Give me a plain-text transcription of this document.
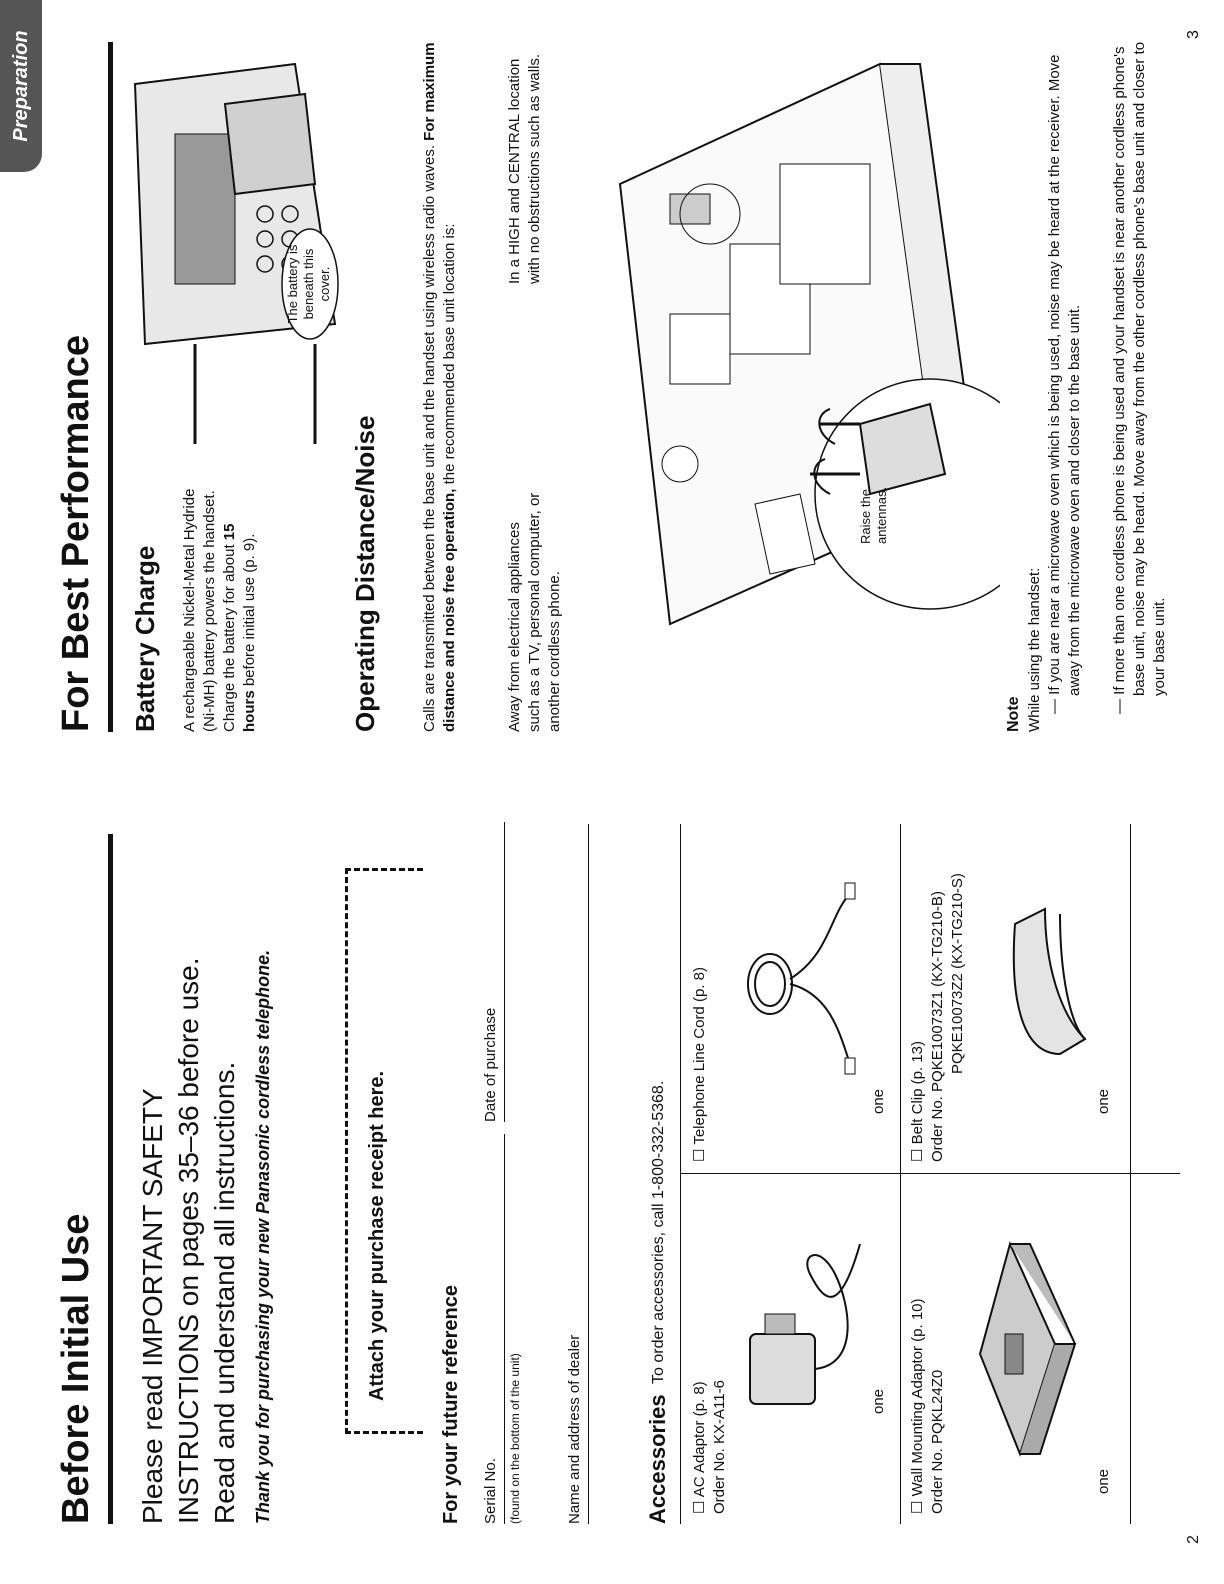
Before Initial Use	Please read IMPORTANT SAFETY INSTRUCTIONS on pages 35–36 before use. Read and understand all instructions. Thank you for purchasing your new Panasonic cordless telephone.	Attach your purchase receipt here.
For your future reference Serial No. (found on the bottom of the unit)
Date of purchase
Name and address of dealer	Accessories
To order accessories, call 1-800-332-5368.
☐ AC Adaptor (p. 8) Order No. KX-A11-6	one
☐ Telephone Line Cord (p. 8)	one
☐ Wall Mounting Adaptor (p. 10) Order No. PQKL24Z0	one
☐ Belt Clip (p. 13) Order No. PQKE10073Z1 (KX-TG210-B) PQKE10073Z2 (KX-TG210-S)
one
2
Preparation
For Best Performance	Battery Charge A rechargeable Nickel-Metal Hydride (Ni-MH) battery powers the handset. Charge the battery for about 15 hours before initial use (p. 9).
The battery is beneath this cover.
Operating Distance/Noise	Calls are transmitted between the base unit and the handset using wireless radio waves. For maximum distance and noise free operation, the recommended base unit location is:
Away from electrical appliances such as a TV, personal computer, or another cordless phone.
In a HIGH and CENTRAL location with no obstructions such as walls.
Raise the antennas.
Note While using the handset: — If you are near a microwave oven which is being used, noise may be heard at the receiver. Move away from the microwave oven and closer to the base unit. — If more than one cordless phone is being used and your handset is near another cordless phone's base unit, noise may be heard. Move away from the other cordless phone's base unit and closer to your base unit.
3
